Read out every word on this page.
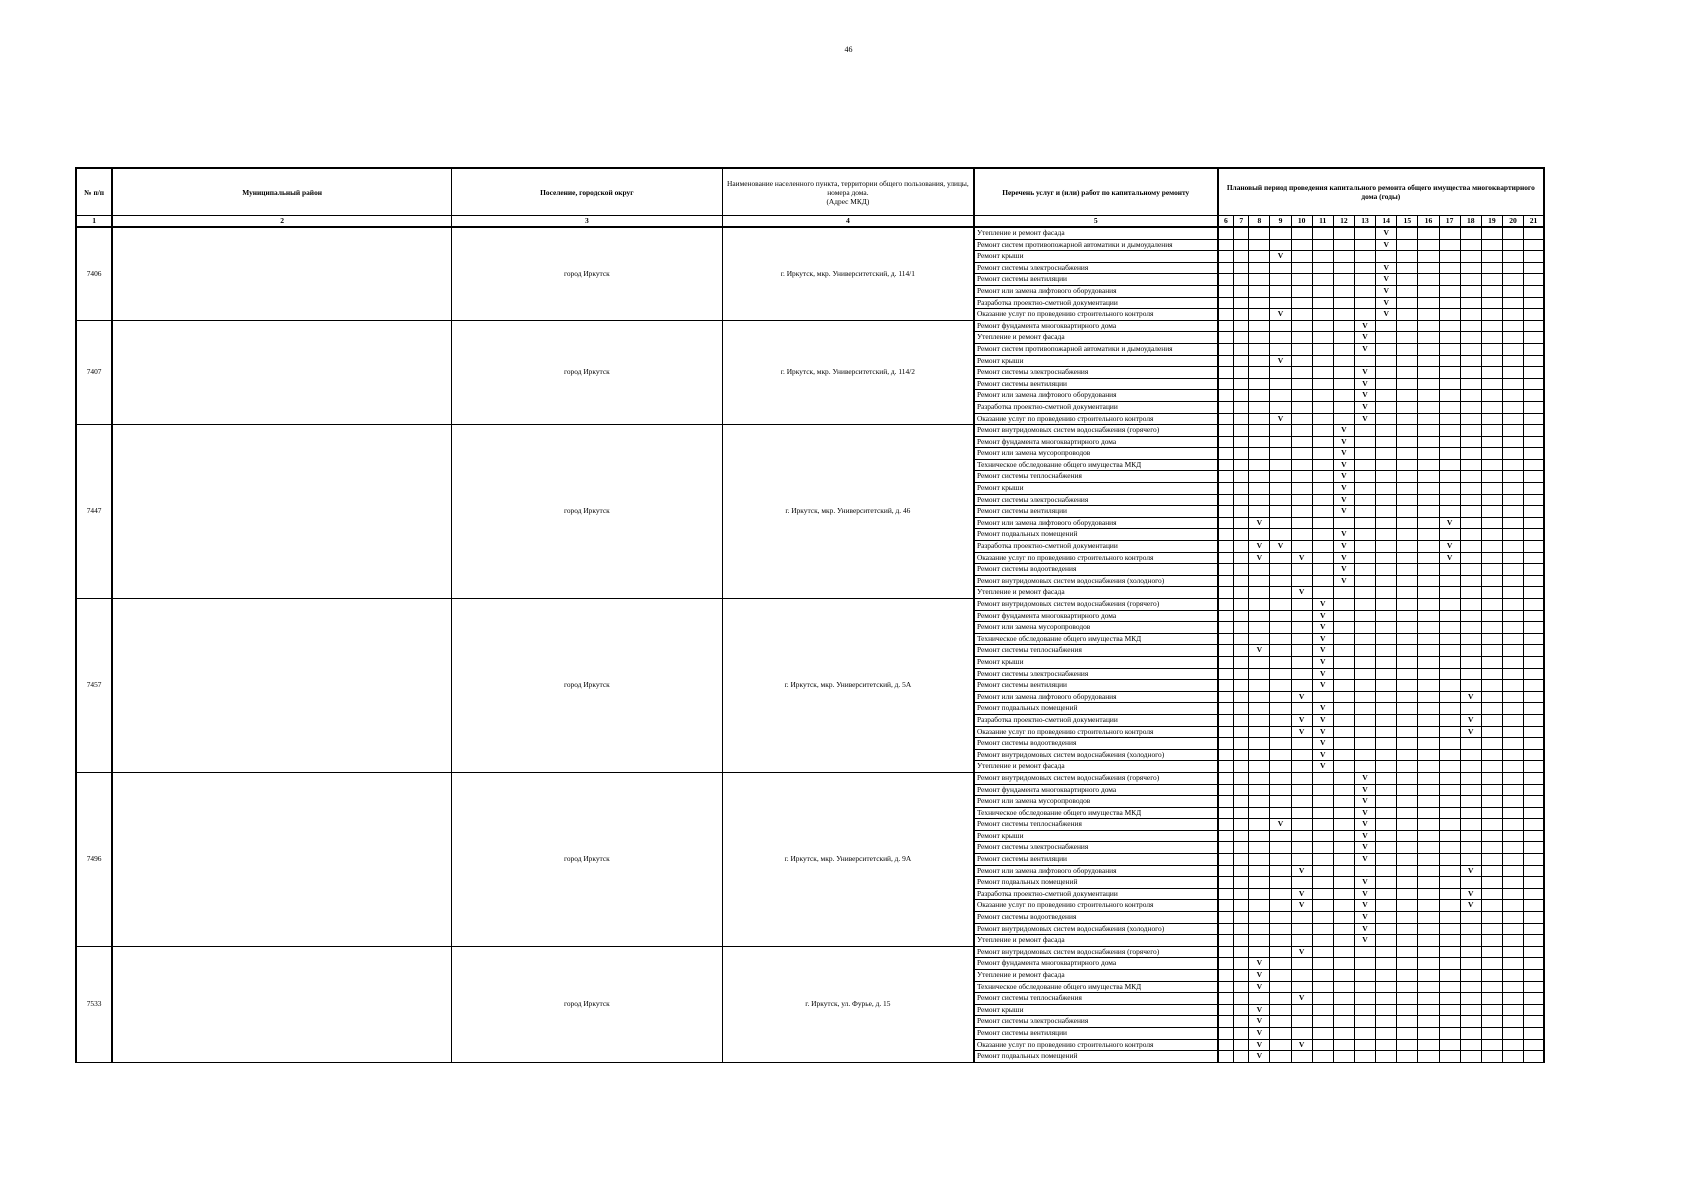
46
№ п/п	Муниципальный район	Поселение, городской округ	Наименование населенного пункта, территории общего пользования, улицы, номера дома.
(Адрес МКД)	Перечень услуг и (или) работ по капитальному ремонту	Плановый период проведения капитального ремонта общего имущества многоквартирного дома (годы)															
1	2	3	4	5	6	7	8	9	10	11	12	13	14	15	16	17	18	19	20	21
7406		город Иркутск	г. Иркутск, мкр. Университетский, д. 114/1	Утепление и ремонт фасада									V							
				Ремонт систем противопожарной автоматики и дымоудаления									V							
				Ремонт крыши				V												
				Ремонт системы электроснабжения									V							
				Ремонт системы вентиляции									V							
				Ремонт или замена лифтового оборудования									V							
				Разработка проектно-сметной документации									V							
				Оказание услуг по проведению строительного контроля				V					V							
7407		город Иркутск	г. Иркутск, мкр. Университетский, д. 114/2	Ремонт фундамента многоквартирного дома								V								
				Утепление и ремонт фасада								V								
				Ремонт систем противопожарной автоматики и дымоудаления								V								
				Ремонт крыши				V												
				Ремонт системы электроснабжения								V								
				Ремонт системы вентиляции								V								
				Ремонт или замена лифтового оборудования								V								
				Разработка проектно-сметной документации								V								
				Оказание услуг по проведению строительного контроля				V				V								
7447		город Иркутск	г. Иркутск, мкр. Университетский, д. 46	Ремонт внутридомовых систем водоснабжения (горячего)							V									
				Ремонт фундамента многоквартирного дома							V									
				Ремонт или замена мусоропроводов							V									
				Техническое обследование общего имущества МКД							V									
				Ремонт системы теплоснабжения							V									
				Ремонт крыши							V									
				Ремонт системы электроснабжения							V									
				Ремонт системы вентиляции							V									
				Ремонт или замена лифтового оборудования			V									V				
				Ремонт подвальных помещений							V									
				Разработка проектно-сметной документации			V	V			V					V				
				Оказание услуг по проведению строительного контроля			V		V		V					V				
				Ремонт системы водоотведения							V									
				Ремонт внутридомовых систем водоснабжения (холодного)							V									
				Утепление и ремонт фасада					V											
7457		город Иркутск	г. Иркутск, мкр. Университетский, д. 5А	Ремонт внутридомовых систем водоснабжения (горячего)						V										
				Ремонт фундамента многоквартирного дома						V										
				Ремонт или замена мусоропроводов						V										
				Техническое обследование общего имущества МКД						V										
				Ремонт системы теплоснабжения			V			V										
				Ремонт крыши						V										
				Ремонт системы электроснабжения						V										
				Ремонт системы вентиляции						V										
				Ремонт или замена лифтового оборудования					V								V			
				Ремонт подвальных помещений						V										
				Разработка проектно-сметной документации					V	V							V			
				Оказание услуг по проведению строительного контроля					V	V							V			
				Ремонт системы водоотведения						V										
				Ремонт внутридомовых систем водоснабжения (холодного)						V										
				Утепление и ремонт фасада						V										
7496		город Иркутск	г. Иркутск, мкр. Университетский, д. 9А	Ремонт внутридомовых систем водоснабжения (горячего)								V								
				Ремонт фундамента многоквартирного дома								V								
				Ремонт или замена мусоропроводов								V								
				Техническое обследование общего имущества МКД								V								
				Ремонт системы теплоснабжения				V				V								
				Ремонт крыши								V								
				Ремонт системы электроснабжения								V								
				Ремонт системы вентиляции								V								
				Ремонт или замена лифтового оборудования					V								V			
				Ремонт подвальных помещений								V								
				Разработка проектно-сметной документации					V			V					V			
				Оказание услуг по проведению строительного контроля					V			V					V			
				Ремонт системы водоотведения								V								
				Ремонт внутридомовых систем водоснабжения (холодного)								V								
				Утепление и ремонт фасада								V								
7533		город Иркутск	г. Иркутск, ул. Фурье, д. 15	Ремонт внутридомовых систем водоснабжения (горячего)					V											
				Ремонт фундамента многоквартирного дома			V													
				Утепление и ремонт фасада			V													
				Техническое обследование общего имущества МКД			V													
				Ремонт системы теплоснабжения					V											
				Ремонт крыши			V													
				Ремонт системы электроснабжения			V													
				Ремонт системы вентиляции			V													
				Оказание услуг по проведению строительного контроля			V		V											
				Ремонт подвальных помещений			V													
